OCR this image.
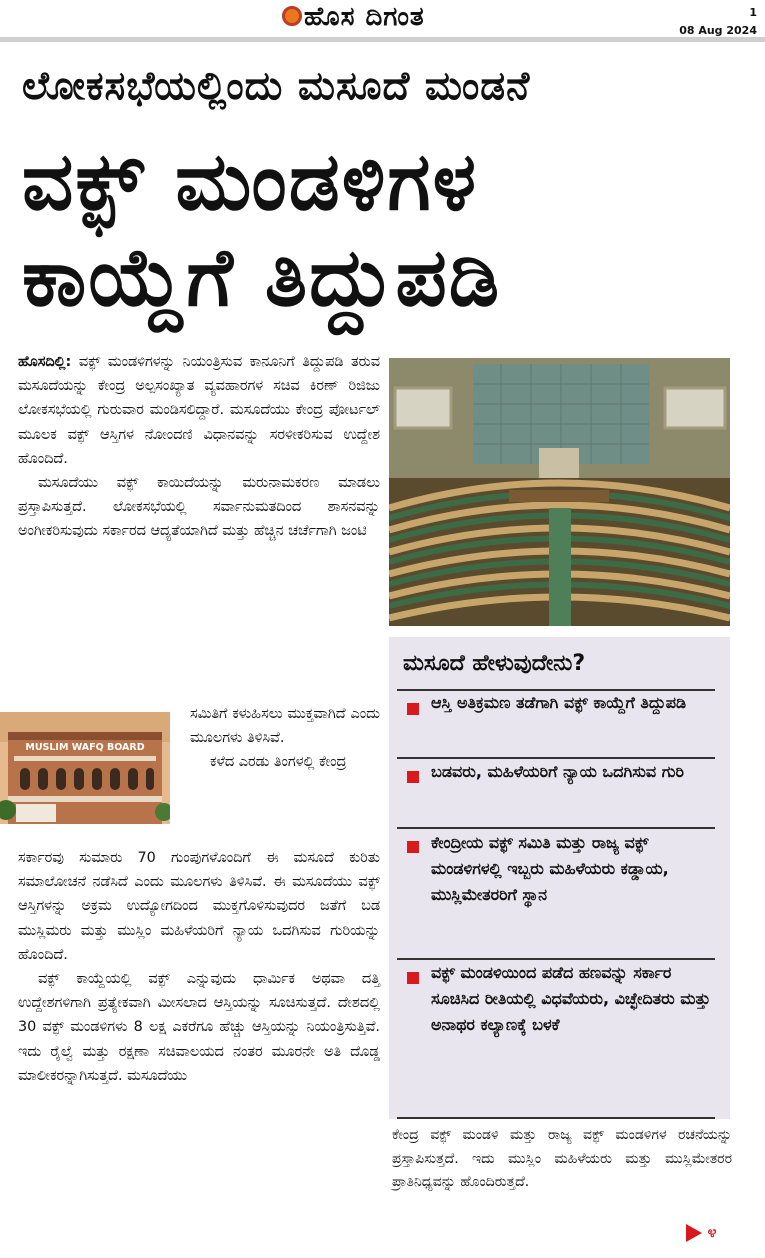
ಹೊಸ ದಿಗಂತ	1
08 Aug 2024
ಲೋಕಸಭೆಯಲ್ಲಿಂದು ಮಸೂದೆ ಮಂಡನೆ
ವಕ್ಫ್ ಮಂಡಳಿಗಳ
ಕಾಯ್ದೆಗೆ ತಿದ್ದುಪಡಿ

ಹೊಸದಿಲ್ಲಿ: ವಕ್ಫ್ ಮಂಡಳಿಗಳನ್ನು ನಿಯಂತ್ರಿಸುವ ಕಾನೂನಿಗೆ ತಿದ್ದುಪಡಿ ತರುವ ಮಸೂದೆಯನ್ನು ಕೇಂದ್ರ ಅಲ್ಪಸಂಖ್ಯಾತ ವ್ಯವಹಾರಗಳ ಸಚಿವ ಕಿರಣ್ ರಿಜಿಜು ಲೋಕಸಭೆಯಲ್ಲಿ ಗುರುವಾರ ಮಂಡಿಸಲಿದ್ದಾರೆ. ಮಸೂದೆಯು ಕೇಂದ್ರ ಪೋರ್ಟಲ್ ಮೂಲಕ ವಕ್ಫ್ ಆಸ್ತಿಗಳ ನೋಂದಣಿ ವಿಧಾನವನ್ನು ಸರಳೀಕರಿಸುವ ಉದ್ದೇಶ ಹೊಂದಿದೆ.

ಮಸೂದೆಯು ವಕ್ಫ್ ಕಾಯಿದೆಯನ್ನು ಮರುನಾಮಕರಣ ಮಾಡಲು ಪ್ರಸ್ತಾಪಿಸುತ್ತದೆ. ಲೋಕಸಭೆಯಲ್ಲಿ ಸರ್ವಾನುಮತದಿಂದ ಶಾಸನವನ್ನು ಅಂಗೀಕರಿಸುವುದು ಸರ್ಕಾರದ ಆದ್ಯತೆಯಾಗಿದೆ ಮತ್ತು ಹೆಚ್ಚಿನ ಚರ್ಚೆಗಾಗಿ ಜಂಟಿ

MUSLIM WAFQ BOARD

ಸಮಿತಿಗೆ ಕಳುಹಿಸಲು ಮುಕ್ತವಾಗಿದೆ ಎಂದು ಮೂಲಗಳು ತಿಳಿಸಿವೆ.

ಕಳೆದ ಎರಡು ತಿಂಗಳಲ್ಲಿ ಕೇಂದ್ರ

ಸರ್ಕಾರವು ಸುಮಾರು 70 ಗುಂಪುಗಳೊಂದಿಗೆ ಈ ಮಸೂದೆ ಕುರಿತು ಸಮಾಲೋಚನೆ ನಡೆಸಿದೆ ಎಂದು ಮೂಲಗಳು ತಿಳಿಸಿವೆ. ಈ ಮಸೂದೆಯು ವಕ್ಫ್ ಆಸ್ತಿಗಳನ್ನು ಅಕ್ರಮ ಉದ್ಯೋಗದಿಂದ ಮುಕ್ತಗೊಳಿಸುವುದರ ಜತೆಗೆ ಬಡ ಮುಸ್ಲಿಮರು ಮತ್ತು ಮುಸ್ಲಿಂ ಮಹಿಳೆಯರಿಗೆ ನ್ಯಾಯ ಒದಗಿಸುವ ಗುರಿಯನ್ನು ಹೊಂದಿದೆ.

ವಕ್ಫ್ ಕಾಯ್ದೆಯಲ್ಲಿ ವಕ್ಫ್ ಎನ್ನುವುದು ಧಾರ್ಮಿಕ ಅಥವಾ ದತ್ತಿ ಉದ್ದೇಶಗಳಿಗಾಗಿ ಪ್ರತ್ಯೇಕವಾಗಿ ಮೀಸಲಾದ ಆಸ್ತಿಯನ್ನು ಸೂಚಿಸುತ್ತದೆ. ದೇಶದಲ್ಲಿ 30 ವಕ್ಫ್ ಮಂಡಳಿಗಳು 8 ಲಕ್ಷ ಎಕರೆಗೂ ಹೆಚ್ಚು ಆಸ್ತಿಯನ್ನು ನಿಯಂತ್ರಿಸುತ್ತಿವೆ. ಇದು ರೈಲ್ವೆ ಮತ್ತು ರಕ್ಷಣಾ ಸಚಿವಾಲಯದ ನಂತರ ಮೂರನೇ ಅತಿ ದೊಡ್ಡ ಮಾಲೀಕರನ್ನಾಗಿಸುತ್ತದೆ. ಮಸೂದೆಯು

ಮಸೂದೆ ಹೇಳುವುದೇನು?
ಆಸ್ತಿ ಅತಿಕ್ರಮಣ ತಡೆಗಾಗಿ ವಕ್ಫ್ ಕಾಯ್ದೆಗೆ ತಿದ್ದುಪಡಿ
ಬಡವರು, ಮಹಿಳೆಯರಿಗೆ ನ್ಯಾಯ ಒದಗಿಸುವ ಗುರಿ
ಕೇಂದ್ರೀಯ ವಕ್ಫ್ ಸಮಿತಿ ಮತ್ತು ರಾಜ್ಯ ವಕ್ಫ್ ಮಂಡಳಿಗಳಲ್ಲಿ ಇಬ್ಬರು ಮಹಿಳೆಯರು ಕಡ್ಡಾಯ, ಮುಸ್ಲಿಮೇತರರಿಗೆ ಸ್ಥಾನ
ವಕ್ಫ್ ಮಂಡಳಿಯಿಂದ ಪಡೆದ ಹಣವನ್ನು ಸರ್ಕಾರ ಸೂಚಿಸಿದ ರೀತಿಯಲ್ಲಿ ವಿಧವೆಯರು, ವಿಚ್ಛೇದಿತರು ಮತ್ತು ಅನಾಥರ ಕಲ್ಯಾಣಕ್ಕೆ ಬಳಕೆ

ಕೇಂದ್ರ ವಕ್ಫ್ ಮಂಡಳಿ ಮತ್ತು ರಾಜ್ಯ ವಕ್ಫ್ ಮಂಡಳಿಗಳ ರಚನೆಯನ್ನು ಪ್ರಸ್ತಾಪಿಸುತ್ತದೆ. ಇದು ಮುಸ್ಲಿಂ ಮಹಿಳೆಯರು ಮತ್ತು ಮುಸ್ಲಿಮೇತರರ ಪ್ರಾತಿನಿಧ್ಯವನ್ನು ಹೊಂದಿರುತ್ತದೆ.

೪
